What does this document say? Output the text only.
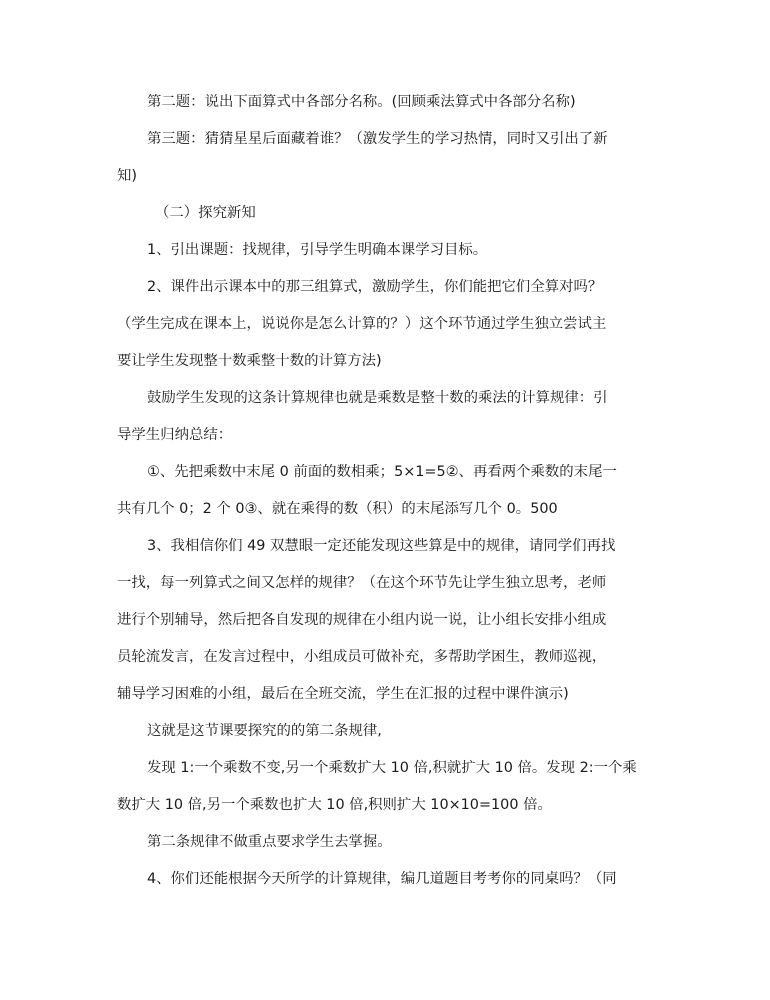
第二题：说出下面算式中各部分名称。(回顾乘法算式中各部分名称)
第三题：猜猜星星后面藏着谁？（激发学生的学习热情，同时又引出了新
知)
（二）探究新知
1、引出课题：找规律，引导学生明确本课学习目标。
2、课件出示课本中的那三组算式，激励学生，你们能把它们全算对吗？
（学生完成在课本上，说说你是怎么计算的？）这个环节通过学生独立尝试主
要让学生发现整十数乘整十数的计算方法)
鼓励学生发现的这条计算规律也就是乘数是整十数的乘法的计算规律：引
导学生归纳总结：
①、先把乘数中末尾 0 前面的数相乘；5×1=5②、再看两个乘数的末尾一
共有几个 0；2 个 0③、就在乘得的数（积）的末尾添写几个 0。500
3、我相信你们 49 双慧眼一定还能发现这些算是中的规律，请同学们再找
一找，每一列算式之间又怎样的规律？（在这个环节先让学生独立思考，老师
进行个别辅导，然后把各自发现的规律在小组内说一说，让小组长安排小组成
员轮流发言，在发言过程中，小组成员可做补充，多帮助学困生，教师巡视，
辅导学习困难的小组，最后在全班交流，学生在汇报的过程中课件演示)
这就是这节课要探究的的第二条规律,
发现 1:一个乘数不变,另一个乘数扩大 10 倍,积就扩大 10 倍。发现 2:一个乘
数扩大 10 倍,另一个乘数也扩大 10 倍,积则扩大 10×10=100 倍。
第二条规律不做重点要求学生去掌握。
4、你们还能根据今天所学的计算规律，编几道题目考考你的同桌吗？（同
